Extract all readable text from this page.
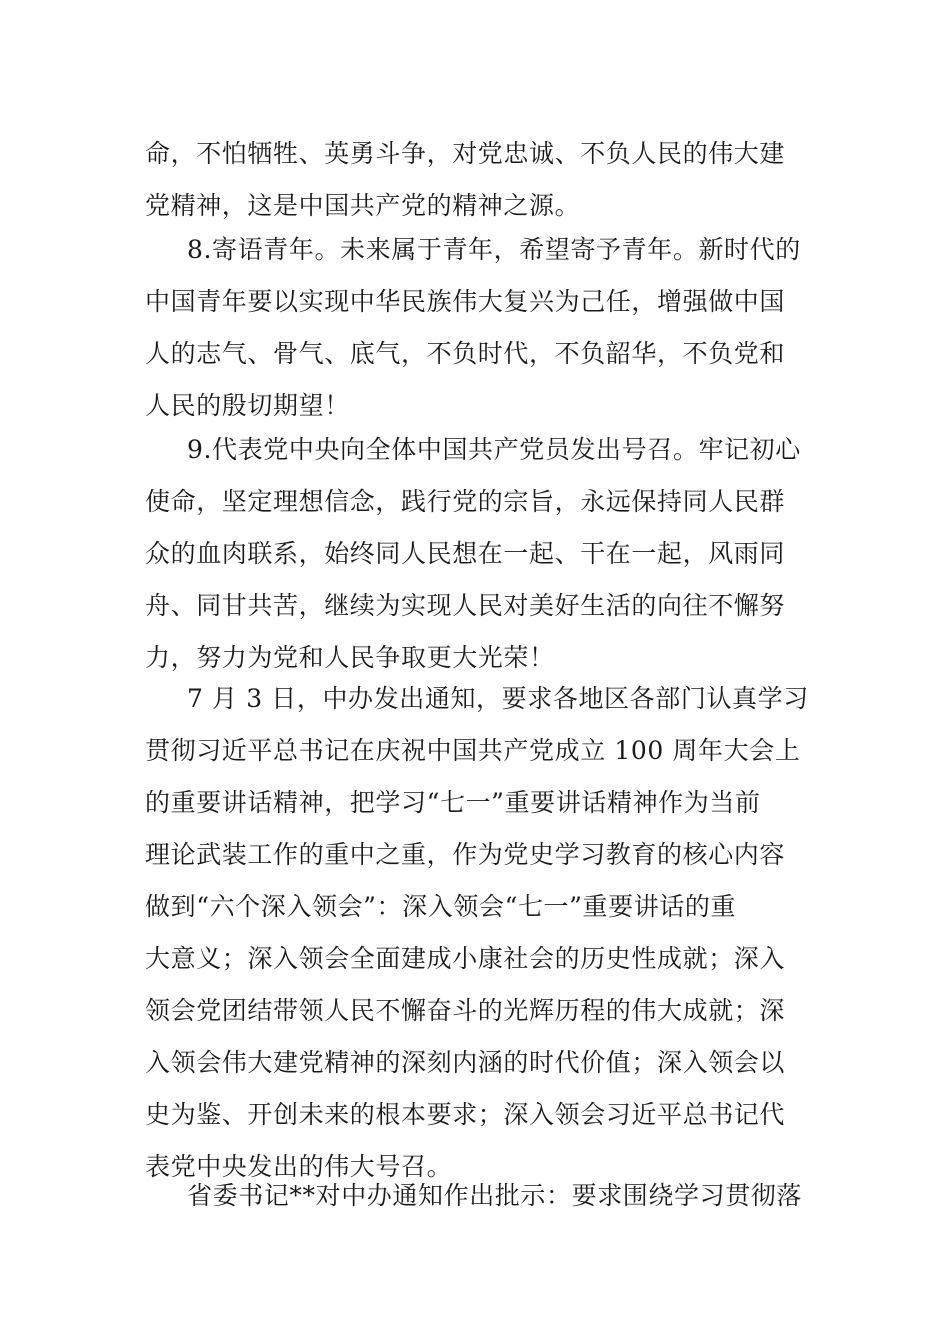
命，不怕牺牲、英勇斗争，对党忠诚、不负人民的伟大建
党精神，这是中国共产党的精神之源。

8.寄语青年。未来属于青年，希望寄予青年。新时代的
中国青年要以实现中华民族伟大复兴为己任，增强做中国
人的志气、骨气、底气，不负时代，不负韶华，不负党和
人民的殷切期望！

9.代表党中央向全体中国共产党员发出号召。牢记初心
使命，坚定理想信念，践行党的宗旨，永远保持同人民群
众的血肉联系，始终同人民想在一起、干在一起，风雨同
舟、同甘共苦，继续为实现人民对美好生活的向往不懈努
力，努力为党和人民争取更大光荣！

7 月 3 日，中办发出通知，要求各地区各部门认真学习
贯彻习近平总书记在庆祝中国共产党成立 100 周年大会上
的重要讲话精神，把学习“七一”重要讲话精神作为当前
理论武装工作的重中之重，作为党史学习教育的核心内容
做到“六个深入领会”：深入领会“七一”重要讲话的重
大意义；深入领会全面建成小康社会的历史性成就；深入
领会党团结带领人民不懈奋斗的光辉历程的伟大成就；深
入领会伟大建党精神的深刻内涵的时代价值；深入领会以
史为鉴、开创未来的根本要求；深入领会习近平总书记代
表党中央发出的伟大号召。

省委书记**对中办通知作出批示：要求围绕学习贯彻落
